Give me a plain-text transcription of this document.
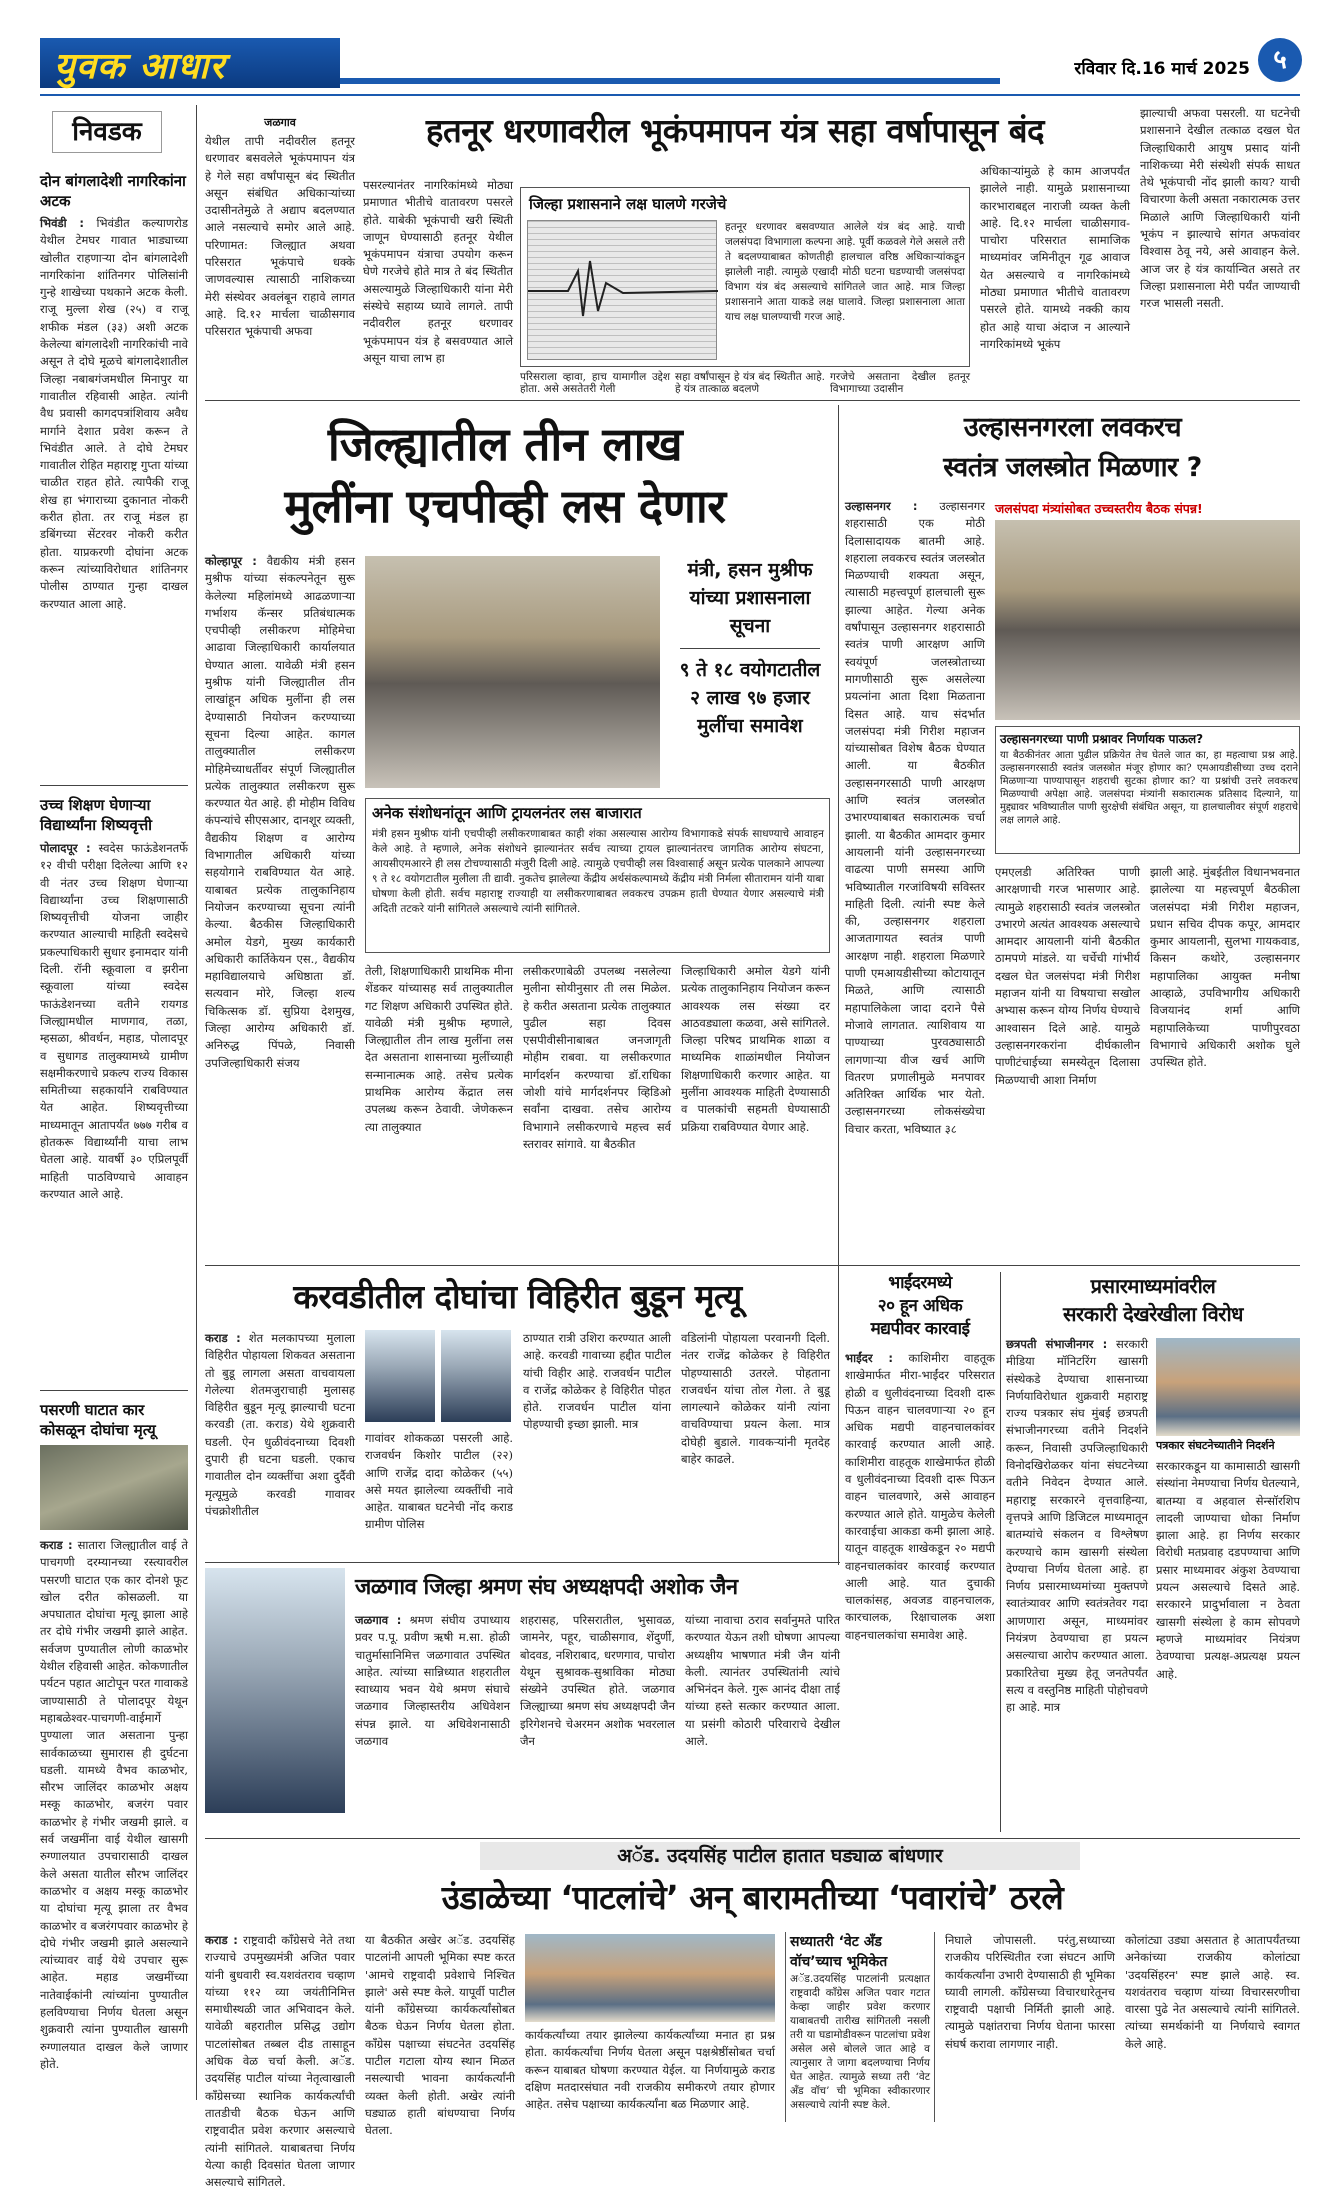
युवक आधार	रविवार दि.16 मार्च 2025 ५
निवडक
दोन बांगलादेशी नागरिकांना अटक
भिवंडी : भिवंडीत कल्याणरोड येथील टेमघर गावात भाड्याच्या खोलीत राहणाऱ्या दोन बांगलादेशी नागरिकांना शांतिनगर पोलिसांनी गुन्हे शाखेच्या पथकाने अटक केली. राजू मुल्ला शेख (२५) व राजू शफीक मंडल (३३) अशी अटक केलेल्या बांगलादेशी नागरिकांची नावे असून ते दोघे मूळचे बांगलादेशातील जिल्हा नबाबगंजमधील मिनापुर या गावातील रहिवासी आहेत. त्यांनी वैध प्रवासी कागदपत्रांशिवाय अवैध मार्गाने देशात प्रवेश करून ते भिवंडीत आले. ते दोघे टेमघर गावातील रोहित महाराष्ट्र गुप्ता यांच्या चाळीत राहत होते. त्यापैकी राजू शेख हा भंगाराच्या दुकानात नोकरी करीत होता. तर राजू मंडल हा डबिंगच्या सेंटरवर नोकरी करीत होता. याप्रकरणी दोघांना अटक करून त्यांच्याविरोधात शांतिनगर पोलीस ठाण्यात गुन्हा दाखल करण्यात आला आहे.
उच्च शिक्षण घेणाऱ्या विद्यार्थ्यांना शिष्यवृत्ती
पोलादपूर : स्वदेस फाऊंडेशनतर्फे १२ वीची परीक्षा दिलेल्या आणि १२ वी नंतर उच्च शिक्षण घेणाऱ्या विद्यार्थ्यांना उच्च शिक्षणासाठी शिष्यवृत्तीची योजना जाहीर करण्यात आल्याची माहिती स्वदेसचे प्रकल्पाधिकारी सुधार इनामदार यांनी दिली. रॉनी स्क्रूवाला व झरीना स्क्रूवाला यांच्या स्वदेस फाऊंडेशनच्या वतीने रायगड जिल्ह्यामधील माणगाव, तळा, म्हसळा, श्रीवर्धन, महाड, पोलादपूर व सुधागड तालुक्यामध्ये ग्रामीण सक्षमीकरणाचे प्रकल्प राज्य विकास समितीच्या सहकार्याने राबविण्यात येत आहेत. शिष्यवृत्तीच्या माध्यमातून आतापर्यंत ७७७ गरीब व होतकरू विद्यार्थ्यांनी याचा लाभ घेतला आहे. यावर्षी ३० एप्रिलपूर्वी माहिती पाठविण्याचे आवाहन करण्यात आले आहे.
पसरणी घाटात कार कोसळून दोघांचा मृत्यू
कराड : सातारा जिल्ह्यातील वाई ते पाचगणी दरम्यानच्या रस्त्यावरील पसरणी घाटात एक कार दोनशे फूट खोल दरीत कोसळली. या अपघातात दोघांचा मृत्यू झाला आहे तर दोघे गंभीर जखमी झाले आहेत. सर्वजण पुण्यातील लोणी काळभोर येथील रहिवासी आहेत. कोकणातील पर्यटन पहात आटोपून परत गावाकडे जाण्यासाठी ते पोलादपूर येथून महाबळेश्वर-पाचगणी-वाईमार्गे पुण्याला जात असताना पुन्हा सार्वकाळच्या सुमारास ही दुर्घटना घडली. यामध्ये वैभव काळभोर, सौरभ जालिंदर काळभोर अक्षय मस्कू काळभोर, बजरंग पवार काळभोर हे गंभीर जखमी झाले. व सर्व जखमींना वाई येथील खासगी रुग्णालयात उपचारासाठी दाखल केले असता यातील सौरभ जालिंदर काळभोर व अक्षय मस्कू काळभोर या दोघांचा मृत्यू झाला तर वैभव काळभोर व बजरंगपवार काळभोर हे दोघे गंभीर जखमी झाले असल्याने त्यांच्यावर वाई येथे उपचार सुरू आहेत. महाड जखमींच्या नातेवाईकांनी त्यांच्यांना पुण्यातील हलविण्याचा निर्णय घेतला असून शुक्रवारी त्यांना पुण्यातील खासगी रुग्णालयात दाखल केले जाणार होते.
जळगाव	हतनूर धरणावरील भूकंपमापन यंत्र सहा वर्षापासून बंद
येथील तापी नदीवरील हतनूर धरणावर बसवलेले भूकंपमापन यंत्र हे गेले सहा वर्षांपासून बंद स्थितीत असून संबंधित अधिकाऱ्यांच्या उदासीनतेमुळे ते अद्याप बदलण्यात आले नसल्याचे समोर आले आहे. परिणामत: जिल्ह्यात अथवा परिसरात भूकंपाचे धक्के जाणवल्यास त्यासाठी नाशिकच्या मेरी संस्थेवर अवलंबून राहावे लागत आहे. दि.१२ मार्चला चाळीसगाव परिसरात भूकंपाची अफवा
पसरल्यानंतर नागरिकांमध्ये मोठ्या प्रमाणात भीतीचे वातावरण पसरले होते. याबेकी भूकंपाची खरी स्थिती जाणून घेण्यासाठी हतनूर येथील भूकंपमापन यंत्राचा उपयोग करून घेणे गरजेचे होते मात्र ते बंद स्थितीत असल्यामुळे जिल्हाधिकारी यांना मेरी संस्थेचे सहाय्य घ्यावे लागले. तापी नदीवरील हतनूर धरणावर भूकंपमापन यंत्र हे बसवण्यात आले असून याचा लाभ हा
जिल्हा प्रशासनाने लक्ष घालणे गरजेचे
हतनूर धरणावर बसवण्यात आलेले यंत्र बंद आहे. याची जलसंपदा विभागाला कल्पना आहे. पूर्वी कळवले गेले असले तरी ते बदलण्याबाबत कोणतीही हालचाल वरिष्ठ अधिकाऱ्यांकडून झालेली नाही. त्यामुळे एखादी मोठी घटना घडण्याची जलसंपदा विभाग यंत्र बंद असल्याचे सांगितले जात आहे. मात्र जिल्हा प्रशासनाने आता याकडे लक्ष घालावे. जिल्हा प्रशासनाला आता याच लक्ष घालण्याची गरज आहे.
परिसराला व्हावा, हाच यामागील उद्देश होता. असे असतेतरी गेली
सहा वर्षांपासून हे यंत्र बंद स्थितीत आहे. हे यंत्र तात्काळ बदलणे
गरजेचे असताना देखील हतनूर विभागाच्या उदासीन
अधिकाऱ्यांमुळे हे काम आजपर्यंत झालेले नाही. यामुळे प्रशासनाच्या कारभाराबद्दल नाराजी व्यक्त केली आहे. दि.१२ मार्चला चाळीसगाव-पाचोरा परिसरात सामाजिक माध्यमांवर जमिनीतून गूढ आवाज येत असल्याचे व नागरिकांमध्ये मोठ्या प्रमाणात भीतीचे वातावरण पसरले होते. यामध्ये नक्की काय होत आहे याचा अंदाज न आल्याने नागरिकांमध्ये भूकंप
झाल्याची अफवा पसरली. या घटनेची प्रशासनाने देखील तत्काळ दखल घेत जिल्हाधिकारी आयुष प्रसाद यांनी नाशिकच्या मेरी संस्थेशी संपर्क साधत तेथे भूकंपाची नोंद झाली काय? याची विचारणा केली असता नकारात्मक उत्तर मिळाले आणि जिल्हाधिकारी यांनी भूकंप न झाल्याचे सांगत अफवांवर विश्वास ठेवू नये, असे आवाहन केले. आज जर हे यंत्र कार्यान्वित असते तर जिल्हा प्रशासनाला मेरी पर्यंत जाण्याची गरज भासली नसती.
जिल्ह्यातील तीन लाख
मुलींना एचपीव्ही लस देणार
कोल्हापूर : वैद्यकीय मंत्री हसन मुश्रीफ यांच्या संकल्पनेतून सुरू केलेल्या महिलांमध्ये आढळणाऱ्या गर्भाशय कॅन्सर प्रतिबंधात्मक एचपीव्ही लसीकरण मोहिमेचा आढावा जिल्हाधिकारी कार्यालयात घेण्यात आला. यावेळी मंत्री हसन मुश्रीफ यांनी जिल्ह्यातील तीन लाखांहून अधिक मुलींना ही लस देण्यासाठी नियोजन करण्याच्या सूचना दिल्या आहेत. कागल तालुक्यातील लसीकरण मोहिमेच्याधर्तीवर संपूर्ण जिल्ह्यातील प्रत्येक तालुक्यात लसीकरण सुरू करण्यात येत आहे. ही मोहीम विविध कंपन्यांचे सीएसआर, दानशूर व्यक्ती, वैद्यकीय शिक्षण व आरोग्य विभागातील अधिकारी यांच्या सहयोगाने राबविण्यात येत आहे. याबाबत प्रत्येक तालुकानिहाय नियोजन करण्याच्या सूचना त्यांनी केल्या. बैठकीस जिल्हाधिकारी अमोल येडगे, मुख्य कार्यकारी अधिकारी कार्तिकेयन एस., वैद्यकीय महाविद्यालयाचे अधिष्ठाता डॉ. सत्यवान मोरे, जिल्हा शल्य चिकित्सक डॉ. सुप्रिया देशमुख, जिल्हा आरोग्य अधिकारी डॉ. अनिरुद्ध पिंपळे, निवासी उपजिल्हाधिकारी संजय
मंत्री, हसन मुश्रीफ
यांच्या प्रशासनाला
सूचना
९ ते १८ वयोगटातील
२ लाख ९७ हजार
मुलींचा समावेश
अनेक संशोधनांतून आणि ट्रायलनंतर लस बाजारात
मंत्री हसन मुश्रीफ यांनी एचपीव्ही लसीकरणाबाबत काही शंका असल्यास आरोग्य विभागाकडे संपर्क साधण्याचे आवाहन केले आहे. ते म्हणाले, अनेक संशोधने झाल्यानंतर सर्वच त्याच्या ट्रायल झाल्यानंतरच जागतिक आरोग्य संघटना, आयसीएमआरने ही लस टोचण्यासाठी मंजुरी दिली आहे. त्यामुळे एचपीव्ही लस विश्वासार्ह असून प्रत्येक पालकाने आपल्या ९ ते १८ वयोगटातील मुलीला ती द्यावी. नुकतेच झालेल्या केंद्रीय अर्थसंकल्पामध्ये केंद्रीय मंत्री निर्मला सीतारामन यांनी याबा घोषणा केली होती. सर्वच महाराष्ट्र राज्याही या लसीकरणाबाबत लवकरच उपक्रम हाती घेण्यात येणार असल्याचे मंत्री अदिती तटकरे यांनी सांगितले असल्याचे त्यांनी सांगितले.
तेली, शिक्षणाधिकारी प्राथमिक मीना शेंडकर यांच्यासह सर्व तालुक्यातील गट शिक्षण अधिकारी उपस्थित होते. यावेळी मंत्री मुश्रीफ म्हणाले, जिल्ह्यातील तीन लाख मुलींना लस देत असताना शासनाच्या मुलींच्याही सन्मानात्मक आहे. तसेच प्रत्येक प्राथमिक आरोग्य केंद्रात लस उपलब्ध करून ठेवावी. जेणेकरून त्या तालुक्यात
लसीकरणाबेळी उपलब्ध नसलेल्या मुलीना सोयीनुसार ती लस मिळेल. हे करीत असताना प्रत्येक तालुक्यात पुढील सहा दिवस एसपीवीसीनाबाबत जनजागृती मोहीम राबवा. या लसीकरणात मार्गदर्शन करण्याचा डॉ.राधिका जोशी यांचे मार्गदर्शनपर व्हिडिओ सर्वांना दाखवा. तसेच आरोग्य विभागाने लसीकरणाचे महत्त्व सर्व स्तरावर सांगावे. या बैठकीत
जिल्हाधिकारी अमोल येडगे यांनी प्रत्येक तालुकानिहाय नियोजन करून आवश्यक लस संख्या दर आठवड्याला कळवा, असे सांगितले. जिल्हा परिषद प्राथमिक शाळा व माध्यमिक शाळांमधील नियोजन शिक्षणाधिकारी करणार आहेत. या मुलींना आवश्यक माहिती देण्यासाठी व पालकांची सहमती घेण्यासाठी प्रक्रिया राबविण्यात येणार आहे.
उल्हासनगरला लवकरच
स्वतंत्र जलस्त्रोत मिळणार ?
उल्हासनगर : उल्हासनगर शहरासाठी एक मोठी दिलासादायक बातमी आहे. शहराला लवकरच स्वतंत्र जलस्त्रोत मिळण्याची शक्यता असून, त्यासाठी महत्त्वपूर्ण हालचाली सुरू झाल्या आहेत. गेल्या अनेक वर्षांपासून उल्हासनगर शहरासाठी स्वतंत्र पाणी आरक्षण आणि स्वयंपूर्ण जलस्त्रोताच्या मागणीसाठी सुरू असलेल्या प्रयत्नांना आता दिशा मिळताना दिसत आहे. याच संदर्भात जलसंपदा मंत्री गिरीश महाजन यांच्यासोबत विशेष बैठक घेण्यात आली. या बैठकीत उल्हासनगरसाठी पाणी आरक्षण आणि स्वतंत्र जलस्त्रोत उभारण्याबाबत सकारात्मक चर्चा झाली. या बैठकीत आमदार कुमार आयलानी यांनी उल्हासनगरच्या वाढत्या पाणी समस्या आणि भविष्यातील गरजांविषयी सविस्तर माहिती दिली. त्यांनी स्पष्ट केले की, उल्हासनगर शहराला आजतागायत स्वतंत्र पाणी आरक्षण नाही. शहराला मिळणारे पाणी एमआयडीसीच्या कोटायातून मिळते, आणि त्यासाठी महापालिकेला जादा दराने पैसे मोजावे लागतात. त्याशिवाय या पाण्याच्या पुरवठ्यासाठी लागणाऱ्या वीज खर्च आणि वितरण प्रणालीमुळे मनपावर अतिरिक्त आर्थिक भार येतो. उल्हासनगरच्या लोकसंख्येचा विचार करता, भविष्यात ३८
जलसंपदा मंत्र्यांसोबत उच्चस्तरीय बैठक संपन्न!
उल्हासनगरच्या पाणी प्रश्नावर निर्णायक पाऊल?
या बैठकीनंतर आता पुढील प्रक्रियेत तेच घेतले जात का, हा महत्वाचा प्रश्न आहे. उल्हासनगरसाठी स्वतंत्र जलस्त्रोत मंजूर होणार का? एमआयडीसीच्या उच्च दराने मिळणाऱ्या पाण्यापासून शहराची सुटका होणार का? या प्रश्नांची उत्तरे लवकरच मिळण्याची अपेक्षा आहे. जलसंपदा मंत्र्यांनी सकारात्मक प्रतिसाद दिल्याने, या मुद्द्यावर भविष्यातील पाणी सुरक्षेची संबंधित असून, या हालचालीवर संपूर्ण शहराचे लक्ष लागले आहे.
एमएलडी अतिरिक्त पाणी आरक्षणाची गरज भासणार आहे. त्यामुळे शहरासाठी स्वतंत्र जलस्त्रोत उभारणे अत्यंत आवश्यक असल्याचे आमदार आयलानी यांनी बैठकीत ठामपणे मांडले. या चर्चेची गांभीर्य दखल घेत जलसंपदा मंत्री गिरीश महाजन यांनी या विषयाचा सखोल अभ्यास करून योग्य निर्णय घेण्याचे आश्वासन दिले आहे. यामुळे उल्हासनगरकरांना दीर्घकालीन पाणीटंचाईच्या समस्येतून दिलासा मिळण्याची आशा निर्माण
झाली आहे. मुंबईतील विधानभवनात झालेल्या या महत्त्वपूर्ण बैठकीला जलसंपदा मंत्री गिरीश महाजन, प्रधान सचिव दीपक कपूर, आमदार कुमार आयलानी, सुलभा गायकवाड, किसन कथोरे, उल्हासनगर महापालिका आयुक्त मनीषा आव्हाळे, उपविभागीय अधिकारी विजयानंद शर्मा आणि महापालिकेच्या पाणीपुरवठा विभागाचे अधिकारी अशोक घुले उपस्थित होते.
करवडीतील दोघांचा विहिरीत बुडून मृत्यू
कराड : शेत मलकापच्या मुलाला विहिरीत पोहायला शिकवत असताना तो बुडू लागला असता वाचवायला गेलेल्या शेतमजुराचाही मुलासह विहिरीत बुडून मृत्यू झाल्याची घटना करवडी (ता. कराड) येथे शुक्रवारी घडली. ऐन धुळीवंदनाच्या दिवशी दुपारी ही घटना घडली. एकाच गावातील दोन व्यक्तींचा अशा दुर्दैवी मृत्यूमुळे करवडी गावावर पंचक्रोशीतील
गावांवर शोककळा पसरली आहे. राजवर्धन किशोर पाटील (२२) आणि राजेंद्र दादा कोळेकर (५५) असे मयत झालेल्या व्यक्तींची नावे आहेत. याबाबत घटनेची नोंद कराड ग्रामीण पोलिस
ठाण्यात रात्री उशिरा करण्यात आली आहे. करवडी गावाच्या हद्दीत पाटील यांची विहीर आहे. राजवर्धन पाटील व राजेंद्र कोळेकर हे विहिरीत पोहत होते. राजवर्धन पाटील यांना पोहण्याची इच्छा झाली. मात्र
वडिलांनी पोहायला परवानगी दिली. नंतर राजेंद्र कोळेकर हे विहिरीत पोहण्यासाठी उतरले. पोहताना राजवर्धन यांचा तोल गेला. ते बुडू लागल्याने कोळेकर यांनी त्यांना वाचविण्याचा प्रयत्न केला. मात्र दोघेही बुडाले. गावकऱ्यांनी मृतदेह बाहेर काढले.
भाईंदरमध्ये
२० हून अधिक
मद्यपीवर कारवाई
भाईंदर : काशिमीरा वाहतूक शाखेमार्फत मीरा-भाईंदर परिसरात होळी व धुलीवंदनाच्या दिवशी दारू पिऊन वाहन चालवणाऱ्या २० हून अधिक मद्यपी वाहनचालकांवर कारवाई करण्यात आली आहे. काशिमीरा वाहतूक शाखेमार्फत होळी व धुलीवंदनाच्या दिवशी दारू पिऊन वाहन चालवणारे, असे आवाहन करण्यात आले होते. यामुळेच केलेली कारवाईचा आकडा कमी झाला आहे. यातून वाहतूक शाखेकडून २० मद्यपी वाहनचालकांवर कारवाई करण्यात आली आहे. यात दुचाकी चालकांसह, अवजड वाहनचालक, कारचालक, रिक्षाचालक अशा वाहनचालकांचा समावेश आहे.
प्रसारमाध्यमांवरील
सरकारी देखरेखीला विरोध
छत्रपती संभाजीनगर : सरकारी मीडिया मॉनिटरिंग खासगी संस्थेकडे देण्याचा शासनाच्या निर्णयाविरोधात शुक्रवारी महाराष्ट्र राज्य पत्रकार संघ मुंबई छत्रपती संभाजीनगरच्या वतीने निदर्शने करून, निवासी उपजिल्हाधिकारी विनोदखिरोळकर यांना संघटनेच्या वतीने निवेदन देण्यात आले. महाराष्ट्र सरकारने वृत्तवाहिन्या, वृत्तपत्रे आणि डिजिटल माध्यमातून बातम्यांचे संकलन व विश्लेषण करण्याचे काम खासगी संस्थेला देण्याचा निर्णय घेतला आहे. हा निर्णय प्रसारमाध्यमांच्या मुक्तपणे स्वातंत्र्यावर आणि स्वतंत्रतेवर गदा आणणारा असून, माध्यमांवर नियंत्रण ठेवण्याचा हा प्रयत्न असल्याचा आरोप करण्यात आला. प्रकारितेचा मुख्य हेतू जनतेपर्यंत सत्य व वस्तुनिष्ठ माहिती पोहोचवणे हा आहे. मात्र
पत्रकार संघटनेच्यातीने निदर्शने
सरकारकडून या कामासाठी खासगी संस्थांना नेमण्याचा निर्णय घेतल्याने, बातम्या व अहवाल सेन्सॉरशिप लादली जाण्याचा धोका निर्माण झाला आहे. हा निर्णय सरकार विरोधी मतप्रवाह दडपण्याचा आणि प्रसार माध्यमावर अंकुश ठेवण्याचा प्रयत्न असल्याचे दिसते आहे. सरकारने प्रादुर्भावाला न ठेवता खासगी संस्थेला हे काम सोपवणे म्हणजे माध्यमांवर नियंत्रण ठेवण्याचा प्रत्यक्ष-अप्रत्यक्ष प्रयत्न आहे.
जळगाव जिल्हा श्रमण संघ अध्यक्षपदी अशोक जैन
जळगाव : श्रमण संघीय उपाध्याय प्रवर प.पू. प्रवीण ऋषी म.सा. होळी चातुर्मासानिमित्त जळगावात उपस्थित आहेत. त्यांच्या सान्निध्यात शहरातील स्वाध्याय भवन येथे श्रमण संघाचे जळगाव जिल्हास्तरीय अधिवेशन संपन्न झाले. या अधिवेशनासाठी जळगाव
शहरासह, परिसरातील, भुसावळ, जामनेर, पहूर, चाळीसगाव, शेंदुर्णी, बोदवड, नशिराबाद, धरणगाव, पाचोरा येथून सुश्रावक-सुश्राविका मोठ्या संख्येने उपस्थित होते. जळगाव जिल्ह्याच्या श्रमण संघ अध्यक्षपदी जैन इरिगेशनचे चेअरमन अशोक भवरलाल जैन
यांच्या नावाचा ठराव सर्वानुमते पारित करण्यात येऊन तशी घोषणा आपल्या अध्यक्षीय भाषणात मंत्री जैन यांनी केली. त्यानंतर उपस्थितांनी त्यांचे अभिनंदन केले. गुरू आनंद दीक्षा ताई यांच्या हस्ते सत्कार करण्यात आला. या प्रसंगी कोठारी परिवाराचे देखील आले.
अॅड. उदयसिंह पाटील हातात घड्याळ बांधणार
उंडाळेच्या ‘पाटलांचे’ अन् बारामतीच्या ‘पवारांचे’ ठरले
कराड : राष्ट्रवादी काँग्रेसचे नेते तथा राज्याचे उपमुख्यमंत्री अजित पवार यांनी बुधवारी स्व.यशवंतराव चव्हाण यांच्या ११२ व्या जयंतीनिमित्त समाधीस्थळी जात अभिवादन केले. यावेळी बहरातील प्रसिद्ध उद्योग पाटलांसोबत तब्बल दीड तासाहून अधिक वेळ चर्चा केली. अॅड. उदयसिंह पाटील यांच्या नेतृत्वाखाली काँग्रेसच्या स्थानिक कार्यकर्त्यांची तातडीची बैठक घेऊन आणि राष्ट्रवादीत प्रवेश करणार असल्याचे त्यांनी सांगितले. याबाबतचा निर्णय येत्या काही दिवसांत घेतला जाणार असल्याचे सांगितले.
या बैठकीत अखेर अॅड. उदयसिंह पाटलांनी आपली भूमिका स्पष्ट करत 'आमचे राष्ट्रवादी प्रवेशाचे निश्चित झाले' असे स्पष्ट केले. यापूर्वी पाटील यांनी काँग्रेसच्या कार्यकर्त्यांसोबत बैठक घेऊन निर्णय घेतला होता. काँग्रेस पक्षाच्या संघटनेत उदयसिंह पाटील गटाला योग्य स्थान मिळत नसल्याची भावना कार्यकर्त्यांनी व्यक्त केली होती. अखेर त्यांनी घड्याळ हाती बांधण्याचा निर्णय घेतला.
कार्यकर्त्यांच्या तयार झालेल्या कार्यकर्त्यांच्या मनात हा प्रश्न होता. कार्यकर्त्यांचा निर्णय घेतला असून पक्षश्रेष्ठींसोबत चर्चा करून याबाबत घोषणा करण्यात येईल. या निर्णयामुळे कराड दक्षिण मतदारसंघात नवी राजकीय समीकरणे तयार होणार आहेत. तसेच पक्षाच्या कार्यकर्त्यांना बळ मिळणार आहे.
सध्यातरी ‘वेट अँड
वॉच’च्याच भूमिकेत
अॅड.उदयसिंह पाटलांनी प्रत्यक्षात राष्ट्रवादी काँग्रेस अजित पवार गटात केव्हा जाहीर प्रवेश करणार याबाबतची तारीख सांगितली नसली तरी या घडामोडीवरून पाटलांचा प्रवेश असेल असे बोलले जात आहे व त्यानुसार ते जागा बदलण्याचा निर्णय घेत आहेत. त्यामुळे सध्या तरी ‘वेट अँड वॉच’ ची भूमिका स्वीकारणार असल्याचे त्यांनी स्पष्ट केले.
निघाले जोपासली. परंतु,सध्याच्या राजकीय परिस्थितीत रजा संघटन आणि कार्यकर्त्यांना उभारी देण्यासाठी ही भूमिका घ्यावी लागली. काँग्रेसच्या विचारधारेतूनच राष्ट्रवादी पक्षाची निर्मिती झाली आहे. त्यामुळे पक्षांतराचा निर्णय घेताना फारसा संघर्ष करावा लागणार नाही.
कोलांट्या उड्या असतात हे आतापर्यंतच्या अनेकांच्या राजकीय कोलांट्या 'उदयसिंहरन' स्पष्ट झाले आहे. स्व. यशवंतराव चव्हाण यांच्या विचारसरणीचा वारसा पुढे नेत असल्याचे त्यांनी सांगितले. त्यांच्या समर्थकांनी या निर्णयाचे स्वागत केले आहे.
